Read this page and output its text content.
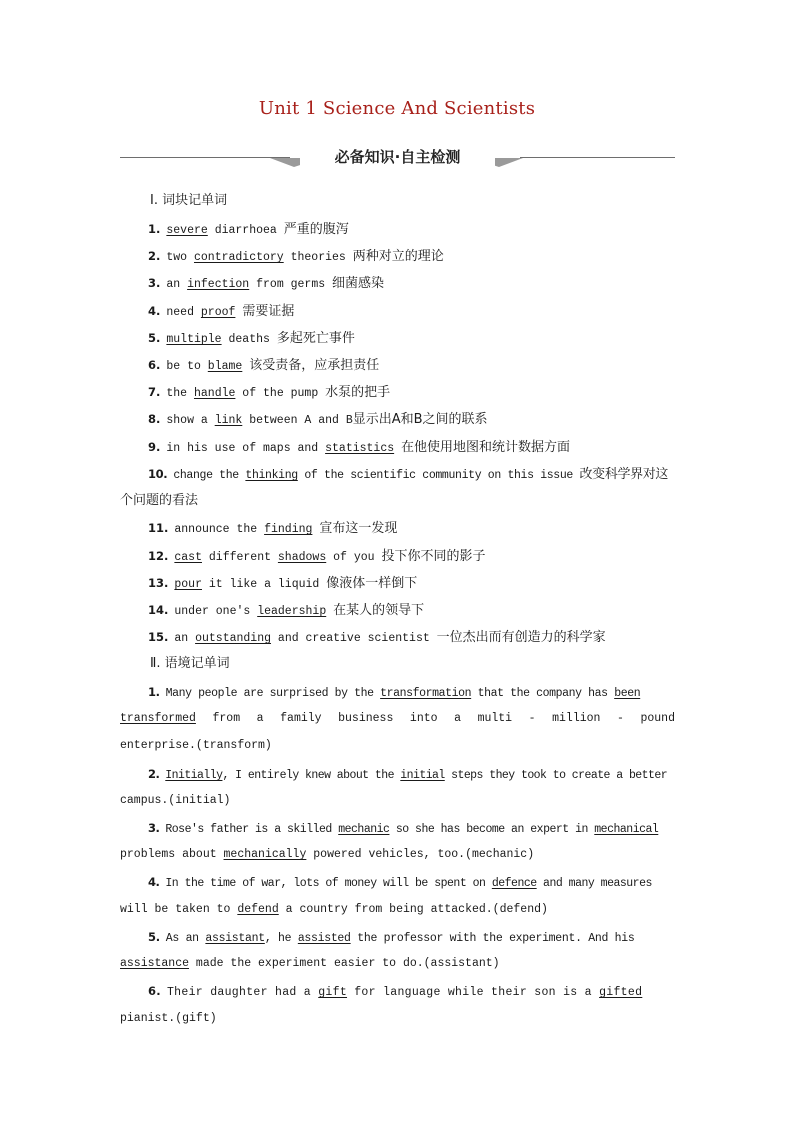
Unit 1 Science And Scientists
必备知识·自主检测
Ⅰ. 词块记单词
1. severe diarrhoea 严重的腹泻
2. two contradictory theories 两种对立的理论
3. an infection from germs 细菌感染
4. need proof 需要证据
5. multiple deaths 多起死亡事件
6. be to blame 该受责备，应承担责任
7. the handle of the pump 水泵的把手
8. show a link between A and B显示出A和B之间的联系
9. in his use of maps and statistics 在他使用地图和统计数据方面
10. change the thinking of the scientific community on this issue 改变科学界对这
个问题的看法
11. announce the finding 宣布这一发现
12. cast different shadows of you 投下你不同的影子
13. pour it like a liquid 像液体一样倒下
14. under one's leadership 在某人的领导下
15. an outstanding and creative scientist 一位杰出而有创造力的科学家
Ⅱ. 语境记单词
1. Many people are surprised by the transformation that the company has been
transformed from a family business into a multi - million - pound
enterprise.(transform)
2. Initially, I entirely knew about the initial steps they took to create a better
campus.(initial)
3. Rose's father is a skilled mechanic so she has become an expert in mechanical
problems about mechanically powered vehicles, too.(mechanic)
4. In the time of war, lots of money will be spent on defence and many measures
will be taken to defend a country from being attacked.(defend)
5. As an assistant, he assisted the professor with the experiment. And his
assistance made the experiment easier to do.(assistant)
6. Their daughter had a gift for language while their son is a gifted
pianist.(gift)
